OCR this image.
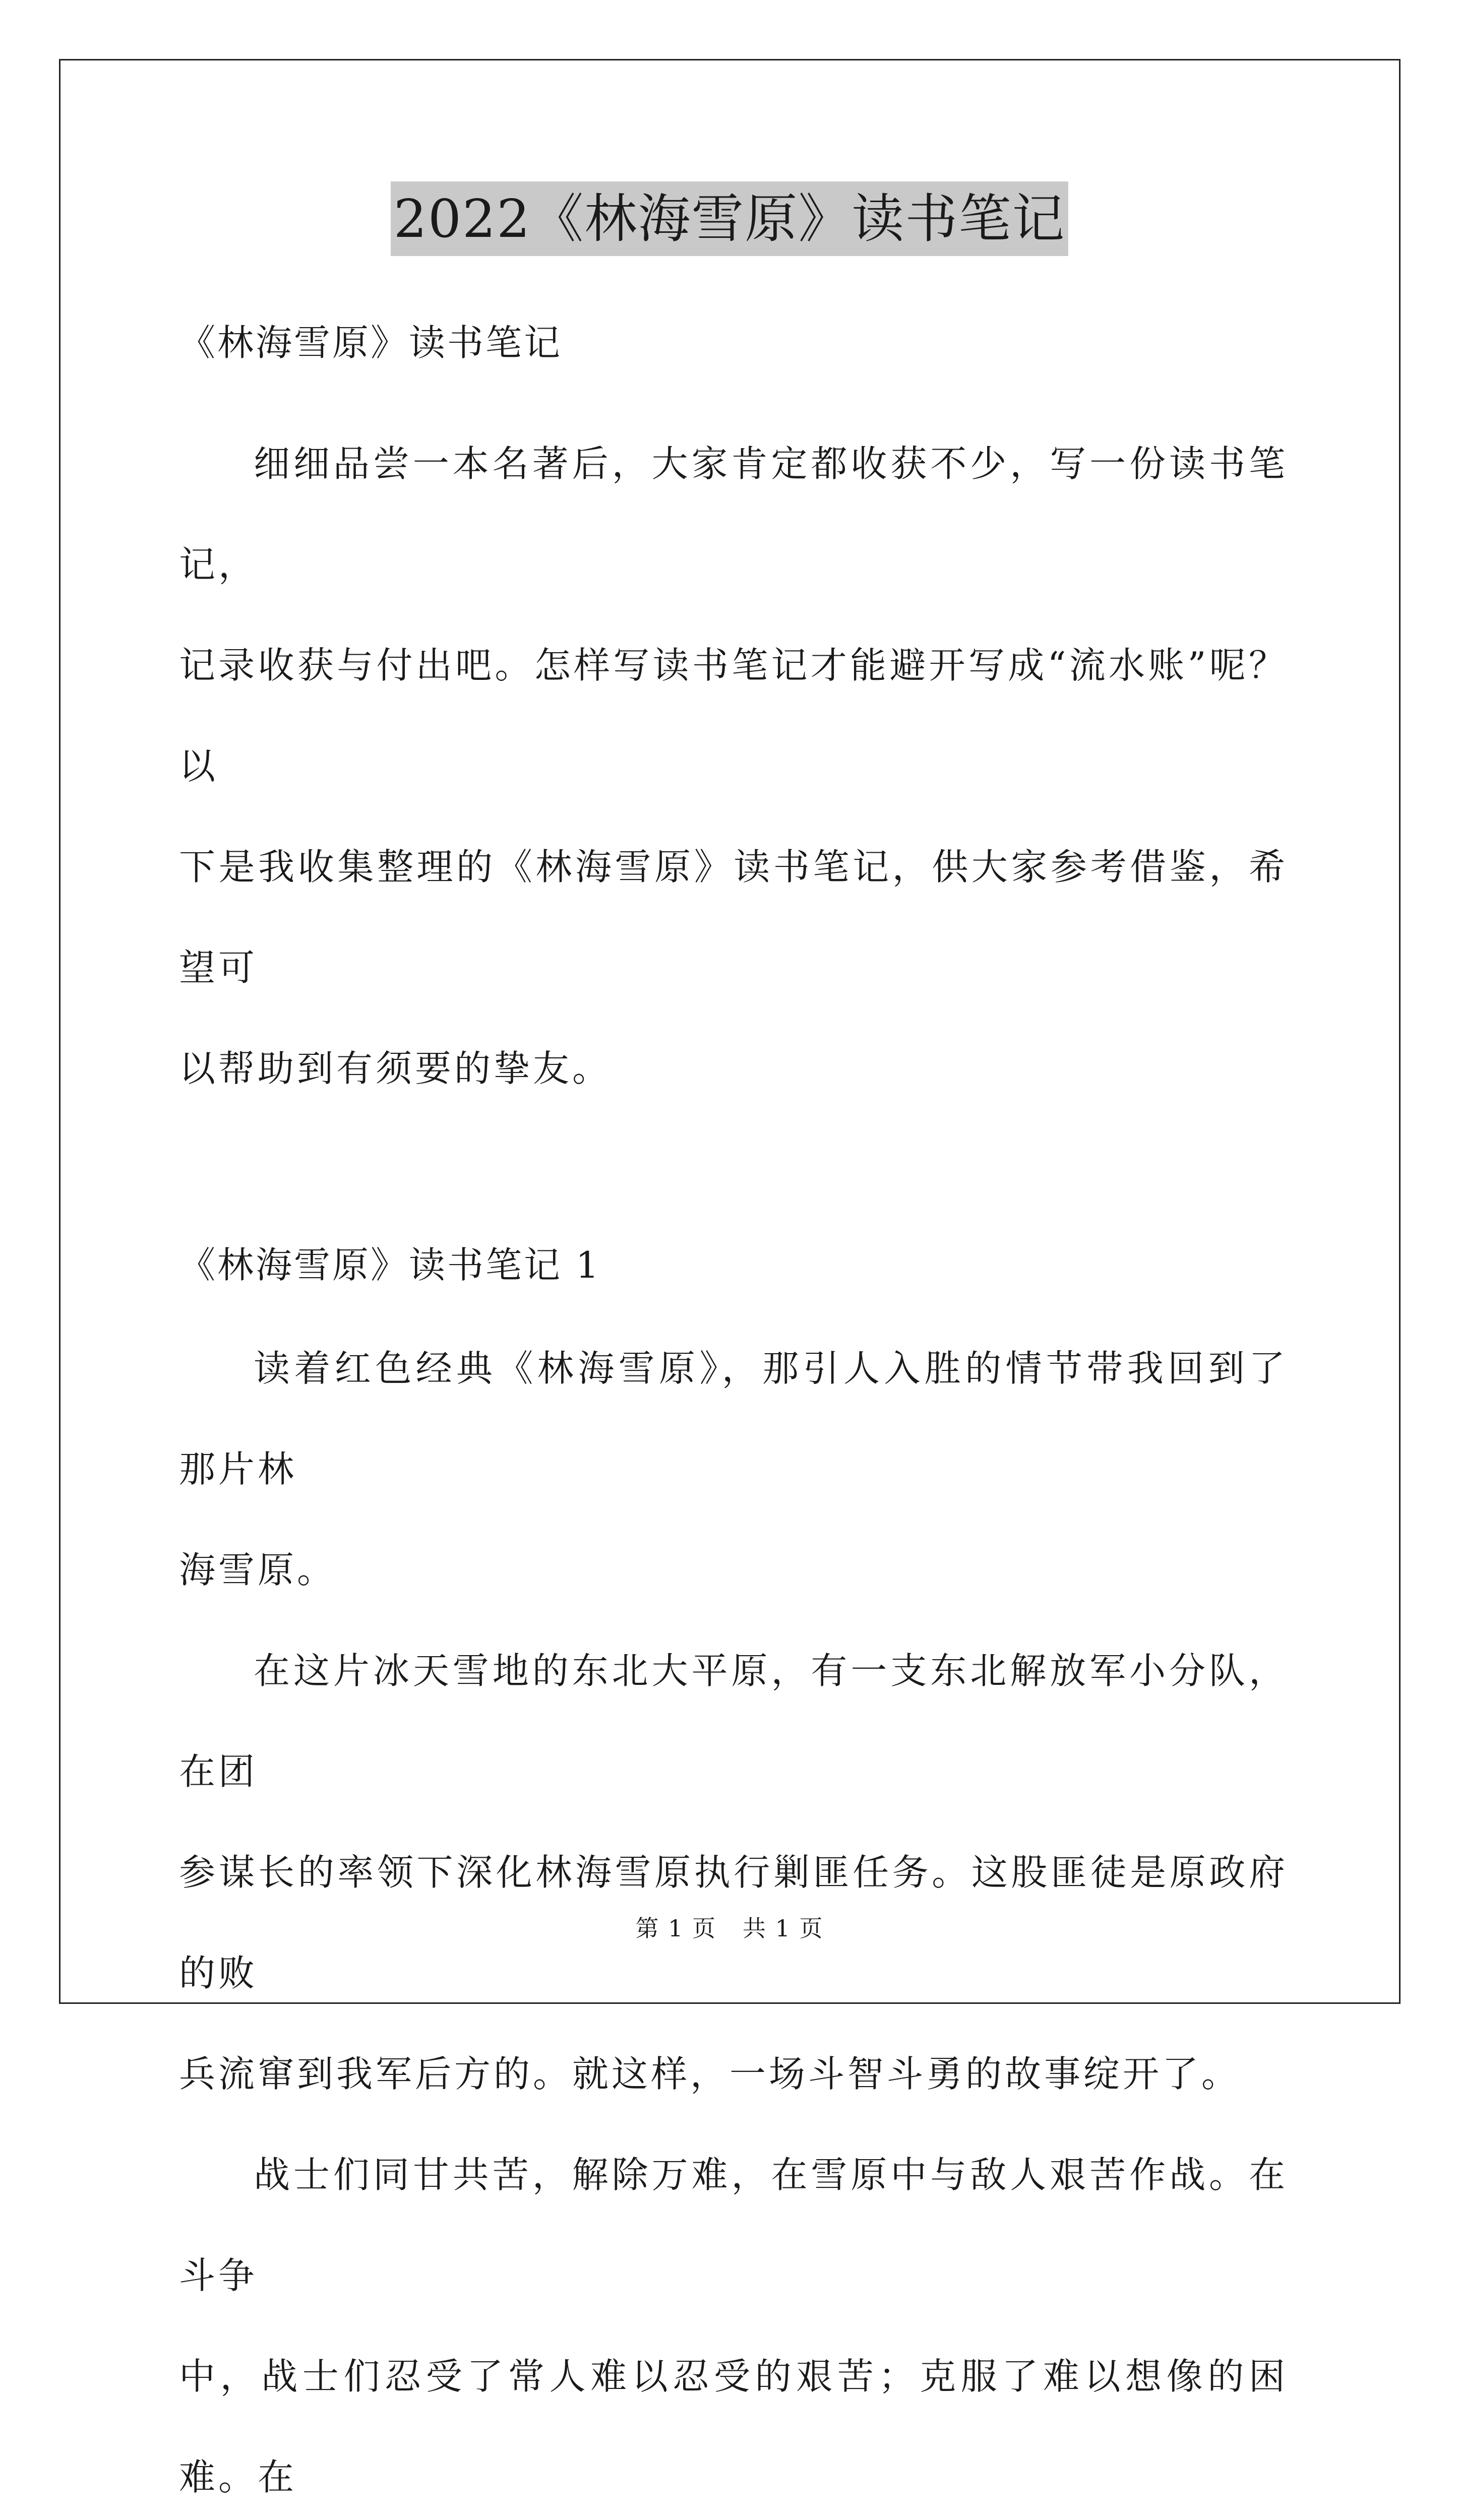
2022《林海雪原》读书笔记

《林海雪原》读书笔记

细细品尝一本名著后，大家肯定都收获不少，写一份读书笔记，

记录收获与付出吧。怎样写读书笔记才能避开写成“流水账”呢？以

下是我收集整理的《林海雪原》读书笔记，供大家参考借鉴，希望可

以帮助到有须要的挚友。

《林海雪原》读书笔记 1

读着红色经典《林海雪原》，那引人入胜的情节带我回到了那片林

海雪原。

在这片冰天雪地的东北大平原，有一支东北解放军小分队，在团

参谋长的率领下深化林海雪原执行剿匪任务。这股匪徒是原政府的败

兵流窜到我军后方的。就这样，一场斗智斗勇的故事绽开了。

战士们同甘共苦，解除万难，在雪原中与敌人艰苦作战。在斗争

中，战士们忍受了常人难以忍受的艰苦；克服了难以想像的困难。在

第 1 页 共 1 页
